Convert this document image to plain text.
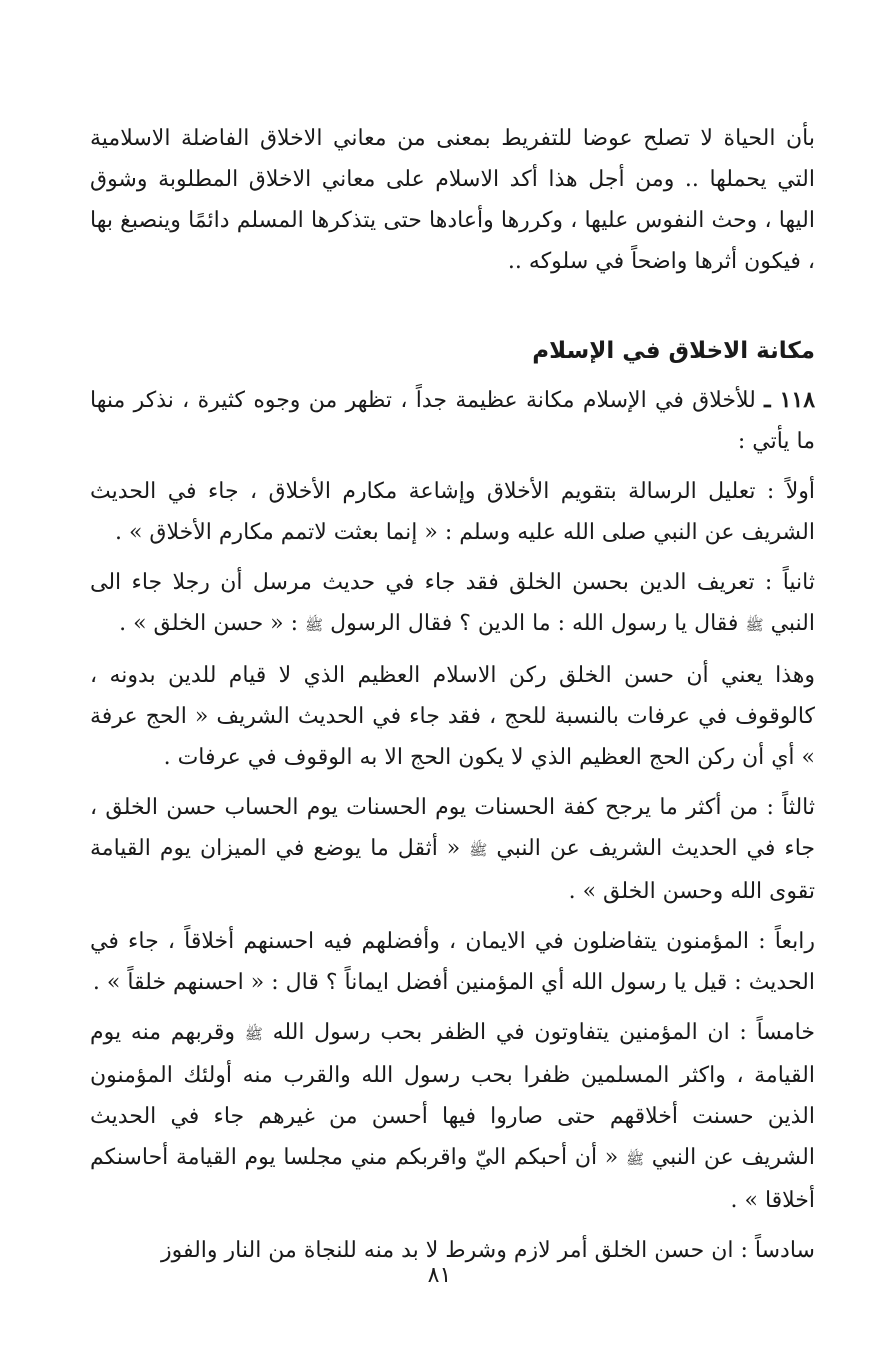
بأن الحياة لا تصلح عوضا للتفريط بمعنى من معاني الاخلاق الفاضلة الاسلامية التي يحملها .. ومن أجل هذا أكد الاسلام على معاني الاخلاق المطلوبة وشوق اليها ، وحث النفوس عليها ، وكررها وأعادها حتى يتذكرها المسلم دائمًا وينصبغ بها ، فيكون أثرها واضحاً في سلوكه ..

مكانة الاخلاق في الإسلام

١١٨ ـ للأخلاق في الإسلام مكانة عظيمة جداً ، تظهر من وجوه كثيرة ، نذكر منها ما يأتي :

أولاً : تعليل الرسالة بتقويم الأخلاق وإشاعة مكارم الأخلاق ، جاء في الحديث الشريف عن النبي صلى الله عليه وسلم : « إنما بعثت لاتمم مكارم الأخلاق » .

ثانياً : تعريف الدين بحسن الخلق فقد جاء في حديث مرسل أن رجلا جاء الى النبي ﷺ فقال يا رسول الله : ما الدين ؟ فقال الرسول ﷺ : « حسن الخلق » .

وهذا يعني أن حسن الخلق ركن الاسلام العظيم الذي لا قيام للدين بدونه ، كالوقوف في عرفات بالنسبة للحج ، فقد جاء في الحديث الشريف « الحج عرفة » أي أن ركن الحج العظيم الذي لا يكون الحج الا به الوقوف في عرفات .

ثالثاً : من أكثر ما يرجح كفة الحسنات يوم الحسنات يوم الحساب حسن الخلق ، جاء في الحديث الشريف عن النبي ﷺ « أثقل ما يوضع في الميزان يوم القيامة تقوى الله وحسن الخلق » .

رابعاً : المؤمنون يتفاضلون في الايمان ، وأفضلهم فيه احسنهم أخلاقاً ، جاء في الحديث : قيل يا رسول الله أي المؤمنين أفضل ايماناً ؟ قال : « احسنهم خلقاً » .

خامساً : ان المؤمنين يتفاوتون في الظفر بحب رسول الله ﷺ وقربهم منه يوم القيامة ، واكثر المسلمين ظفرا بحب رسول الله والقرب منه أولئك المؤمنون الذين حسنت أخلاقهم حتى صاروا فيها أحسن من غيرهم جاء في الحديث الشريف عن النبي ﷺ « أن أحبكم اليّ واقربكم مني مجلسا يوم القيامة أحاسنكم أخلاقا » .

سادساً : ان حسن الخلق أمر لازم وشرط لا بد منه للنجاة من النار والفوز

٨١
